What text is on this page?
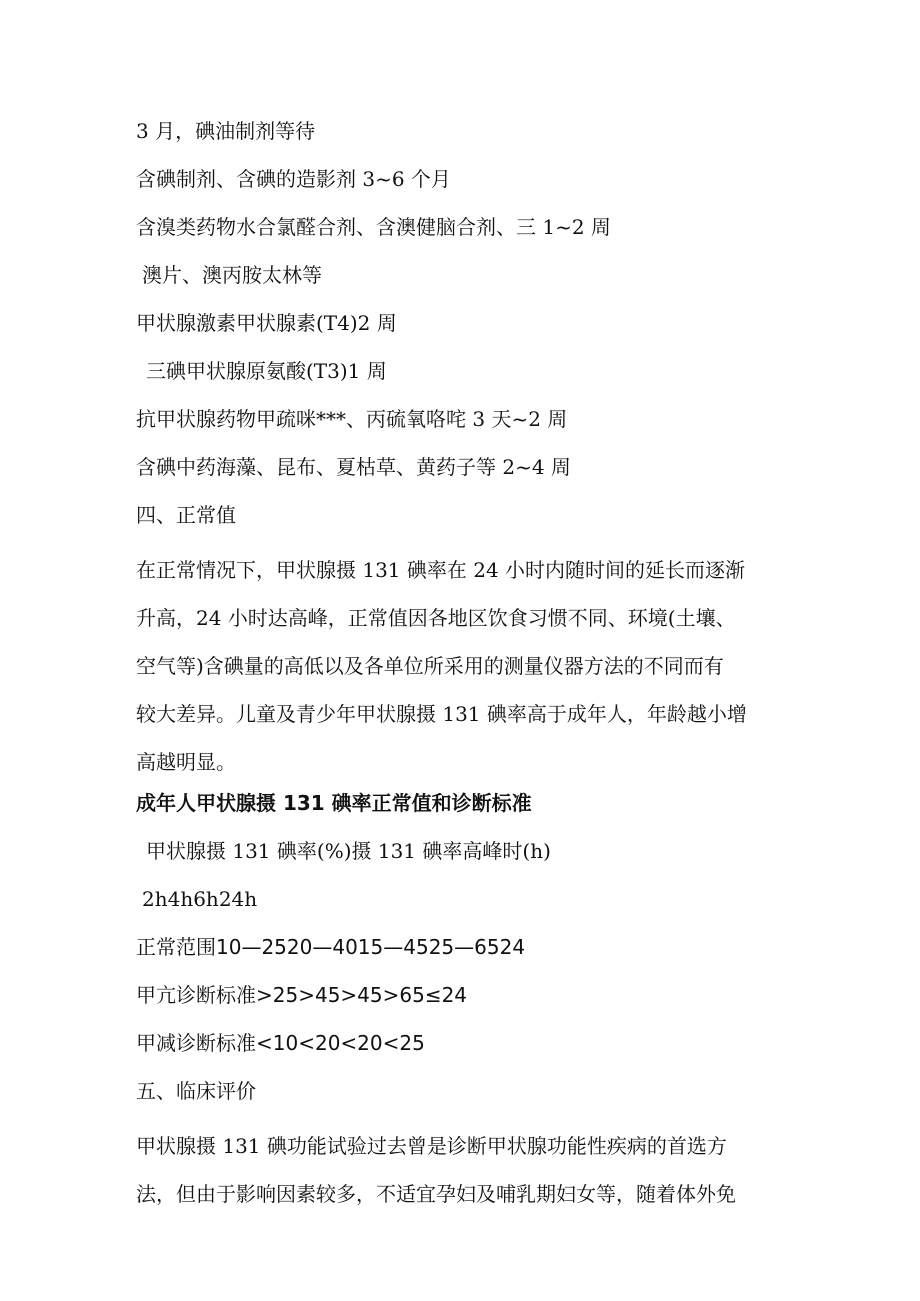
3 月，碘油制剂等待
含碘制剂、含碘的造影剂 3~6 个月
含溴类药物水合氯醛合剂、含澳健脑合剂、三 1~2 周
澳片、澳丙胺太林等
甲状腺激素甲状腺素(T4)2 周
三碘甲状腺原氨酸(T3)1 周
抗甲状腺药物甲疏咪***、丙硫氧咯咤 3 天~2 周
含碘中药海藻、昆布、夏枯草、黄药子等 2~4 周
四、正常值
在正常情况下，甲状腺摄 131 碘率在 24 小时内随时间的延长而逐渐
升高，24 小时达高峰，正常值因各地区饮食习惯不同、环境(土壤、
空气等)含碘量的高低以及各单位所采用的测量仪器方法的不同而有
较大差异。儿童及青少年甲状腺摄 131 碘率高于成年人，年龄越小增
高越明显。
成年人甲状腺摄 131 碘率正常值和诊断标准
甲状腺摄 131 碘率(%)摄 131 碘率高峰时(h)
2h4h6h24h
正常范围10—2520—4015—4525—6524
甲亢诊断标准>25>45>45>65≤24
甲减诊断标准<10<20<20<25
五、临床评价
甲状腺摄 131 碘功能试验过去曾是诊断甲状腺功能性疾病的首选方
法，但由于影响因素较多，不适宜孕妇及哺乳期妇女等，随着体外免
